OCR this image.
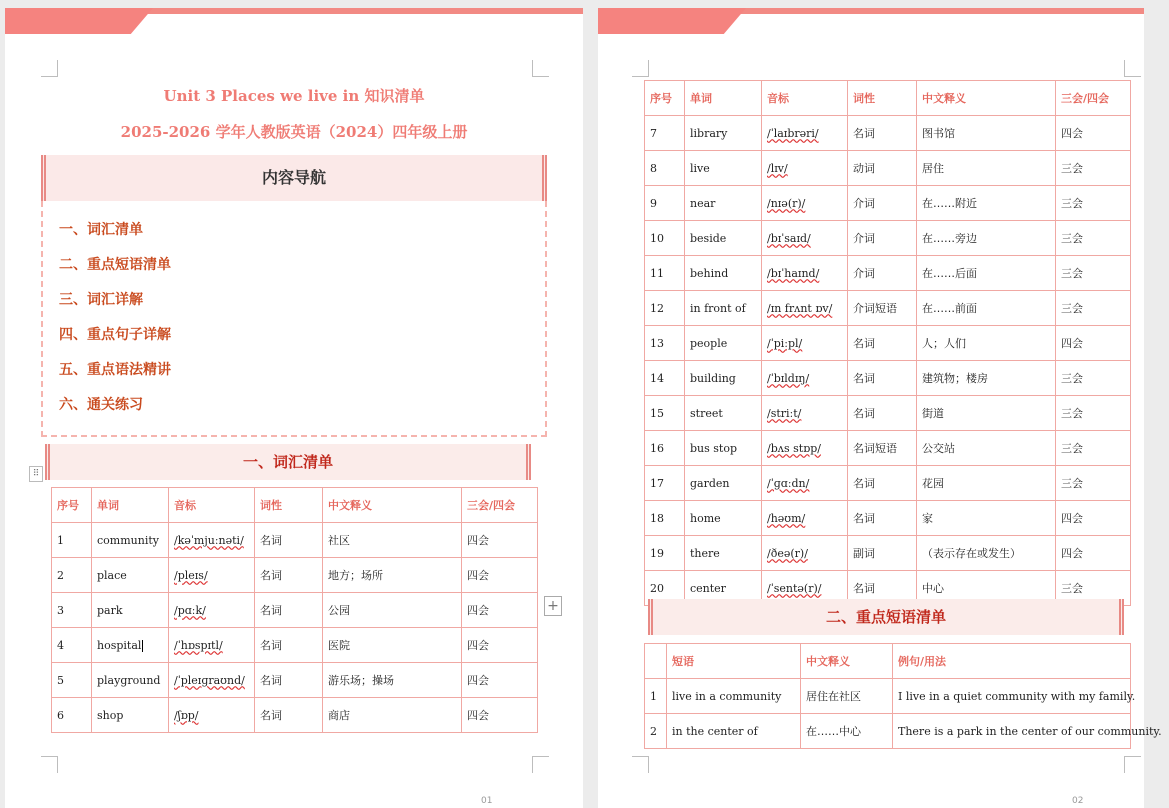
Unit 3 Places we live in 知识清单
2025-2026 学年人教版英语（2024）四年级上册
内容导航
一、词汇清单
二、重点短语清单
三、词汇详解
四、重点句子详解
五、重点语法精讲
六、通关练习
一、词汇清单
⠿
序号	单词	音标	词性	中文释义	三会/四会
1	community	/kəˈmjuːnəti/	名词	社区	四会
2	place	/pleɪs/	名词	地方；场所	四会
3	park	/pɑːk/	名词	公园	四会
4	hospital	/ˈhɒspɪtl/	名词	医院	四会
5	playground	/ˈpleɪɡraʊnd/	名词	游乐场；操场	四会
6	shop	/ʃɒp/	名词	商店	四会
+
01
序号	单词	音标	词性	中文释义	三会/四会
7	library	/ˈlaɪbrəri/	名词	图书馆	四会
8	live	/lɪv/	动词	居住	三会
9	near	/nɪə(r)/	介词	在……附近	三会
10	beside	/bɪˈsaɪd/	介词	在……旁边	三会
11	behind	/bɪˈhaɪnd/	介词	在……后面	三会
12	in front of	/ɪn frʌnt ɒv/	介词短语	在……前面	三会
13	people	/ˈpiːpl/	名词	人；人们	四会
14	building	/ˈbɪldɪŋ/	名词	建筑物；楼房	三会
15	street	/striːt/	名词	街道	三会
16	bus stop	/bʌs stɒp/	名词短语	公交站	三会
17	garden	/ˈɡɑːdn/	名词	花园	三会
18	home	/həʊm/	名词	家	四会
19	there	/ðeə(r)/	副词	（表示存在或发生）	四会
20	center	/ˈsentə(r)/	名词	中心	三会
二、重点短语清单
	短语	中文释义	例句/用法
1	live in a community	居住在社区	I live in a quiet community with my family.
2	in the center of	在……中心	There is a park in the center of our community.
02
